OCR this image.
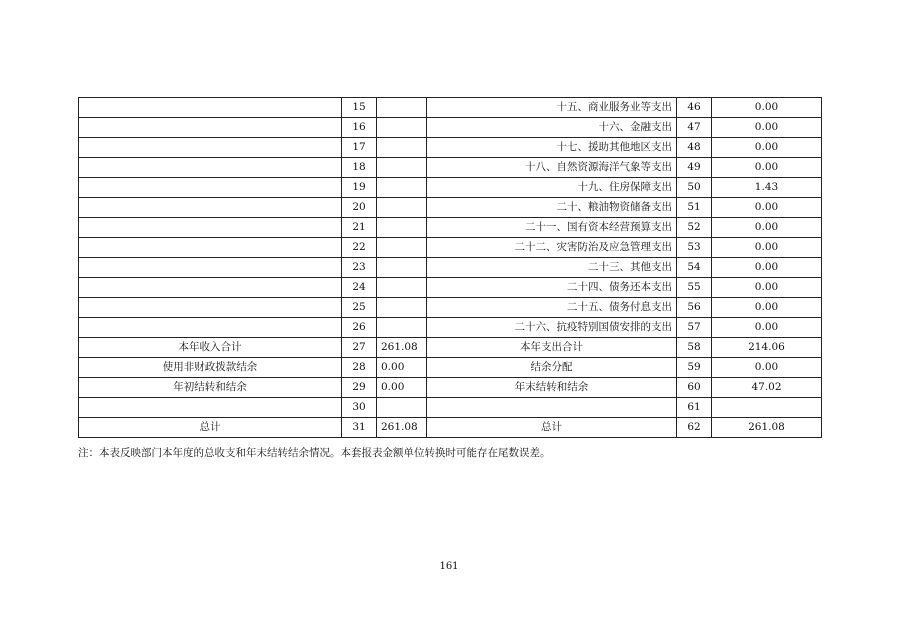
	15		十五、商业服务业等支出	46	0.00
	16		十六、金融支出	47	0.00
	17		十七、援助其他地区支出	48	0.00
	18		十八、自然资源海洋气象等支出	49	0.00
	19		十九、住房保障支出	50	1.43
	20		二十、粮油物资储备支出	51	0.00
	21		二十一、国有资本经营预算支出	52	0.00
	22		二十二、灾害防治及应急管理支出	53	0.00
	23		二十三、其他支出	54	0.00
	24		二十四、债务还本支出	55	0.00
	25		二十五、债务付息支出	56	0.00
	26		二十六、抗疫特别国债安排的支出	57	0.00
本年收入合计	27	261.08	本年支出合计	58	214.06
使用非财政拨款结余	28	0.00	结余分配	59	0.00
年初结转和结余	29	0.00	年末结转和结余	60	47.02
	30			61	
总计	31	261.08	总计	62	261.08
注：本表反映部门本年度的总收支和年末结转结余情况。本套报表金额单位转换时可能存在尾数误差。
161
